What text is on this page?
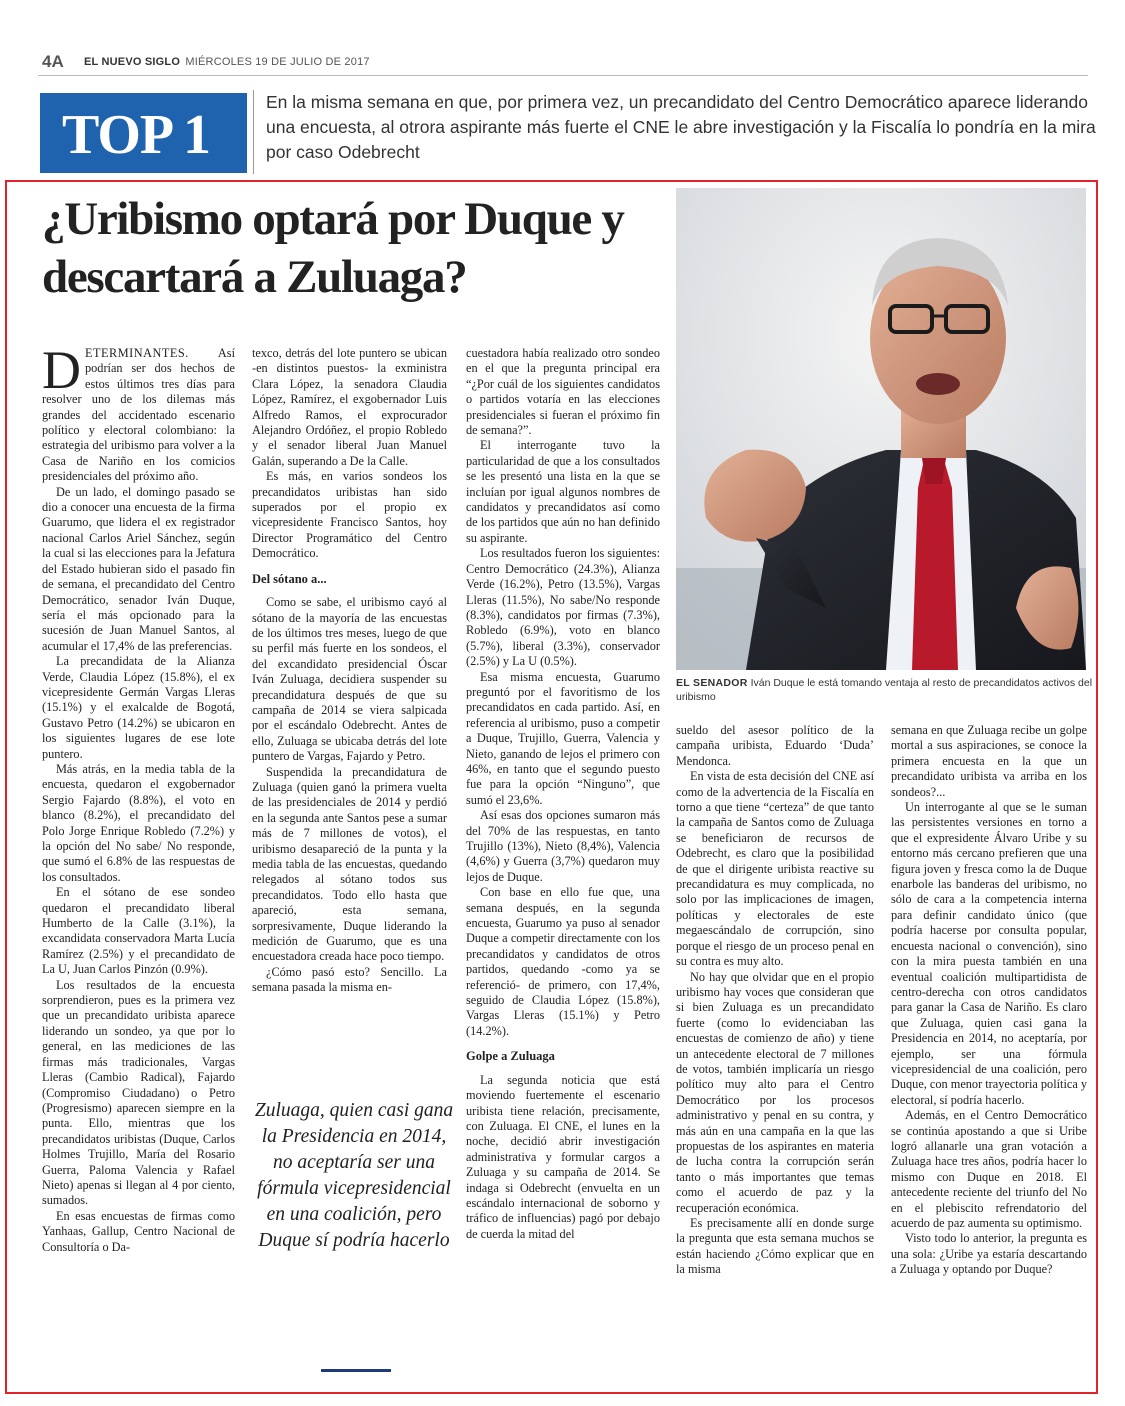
4A EL NUEVO SIGLO MIÉRCOLES 19 DE JULIO DE 2017
TOP 1
En la misma semana en que, por primera vez, un precandidato del Centro Democrático aparece liderando una encuesta, al otrora aspirante más fuerte el CNE le abre investigación y la Fiscalía lo pondría en la mira por caso Odebrecht
¿Uribismo optará por Duque y descartará a Zuluaga?
EL SENADOR Iván Duque le está tomando ventaja al resto de precandidatos activos del uribismo

DETERMINANTES. Así podrían ser dos hechos de estos últimos tres días para resolver uno de los dilemas más grandes del accidentado escenario político y electoral colombiano: la estrategia del uribismo para volver a la Casa de Nariño en los comicios presidenciales del próximo año.

De un lado, el domingo pasado se dio a conocer una encuesta de la firma Guarumo, que lidera el ex registrador nacional Carlos Ariel Sánchez, según la cual si las elecciones para la Jefatura del Estado hubieran sido el pasado fin de semana, el precandidato del Centro Democrático, senador Iván Duque, sería el más opcionado para la sucesión de Juan Manuel Santos, al acumular el 17,4% de las preferencias.

La precandidata de la Alianza Verde, Claudia López (15.8%), el ex vicepresidente Germán Vargas Lleras (15.1%) y el exalcalde de Bogotá, Gustavo Petro (14.2%) se ubicaron en los siguientes lugares de ese lote puntero.

Más atrás, en la media tabla de la encuesta, quedaron el exgobernador Sergio Fajardo (8.8%), el voto en blanco (8.2%), el precandidato del Polo Jorge Enrique Robledo (7.2%) y la opción del No sabe/ No responde, que sumó el 6.8% de las respuestas de los consultados.

En el sótano de ese sondeo quedaron el precandidato liberal Humberto de la Calle (3.1%), la excandidata conservadora Marta Lucía Ramírez (2.5%) y el precandidato de La U, Juan Carlos Pinzón (0.9%).

Los resultados de la encuesta sorprendieron, pues es la primera vez que un precandidato uribista aparece liderando un sondeo, ya que por lo general, en las mediciones de las firmas más tradicionales, Vargas Lleras (Cambio Radical), Fajardo (Compromiso Ciudadano) o Petro (Progresismo) aparecen siempre en la punta. Ello, mientras que los precandidatos uribistas (Duque, Carlos Holmes Trujillo, María del Rosario Guerra, Paloma Valencia y Rafael Nieto) apenas si llegan al 4 por ciento, sumados.

En esas encuestas de firmas como Yanhaas, Gallup, Centro Nacional de Consultoría o Da-

texco, detrás del lote puntero se ubican -en distintos puestos- la exministra Clara López, la senadora Claudia López, Ramírez, el exgobernador Luis Alfredo Ramos, el exprocurador Alejandro Ordóñez, el propio Robledo y el senador liberal Juan Manuel Galán, superando a De la Calle.

Es más, en varios sondeos los precandidatos uribistas han sido superados por el propio ex vicepresidente Francisco Santos, hoy Director Programático del Centro Democrático.

Del sótano a...

Como se sabe, el uribismo cayó al sótano de la mayoría de las encuestas de los últimos tres meses, luego de que su perfil más fuerte en los sondeos, el del excandidato presidencial Óscar Iván Zuluaga, decidiera suspender su precandidatura después de que su campaña de 2014 se viera salpicada por el escándalo Odebrecht. Antes de ello, Zuluaga se ubicaba detrás del lote puntero de Vargas, Fajardo y Petro.

Suspendida la precandidatura de Zuluaga (quien ganó la primera vuelta de las presidenciales de 2014 y perdió en la segunda ante Santos pese a sumar más de 7 millones de votos), el uribismo desapareció de la punta y la media tabla de las encuestas, quedando relegados al sótano todos sus precandidatos. Todo ello hasta que apareció, esta semana, sorpresivamente, Duque liderando la medición de Guarumo, que es una encuestadora creada hace poco tiempo.

¿Cómo pasó esto? Sencillo. La semana pasada la misma en-

Zuluaga, quien casi gana la Presidencia en 2014, no aceptaría ser una fórmula vicepresidencial en una coalición, pero Duque sí podría hacerlo

cuestadora había realizado otro sondeo en el que la pregunta principal era “¿Por cuál de los siguientes candidatos o partidos votaría en las elecciones presidenciales si fueran el próximo fin de semana?”.

El interrogante tuvo la particularidad de que a los consultados se les presentó una lista en la que se incluían por igual algunos nombres de candidatos y precandidatos así como de los partidos que aún no han definido su aspirante.

Los resultados fueron los siguientes: Centro Democrático (24.3%), Alianza Verde (16.2%), Petro (13.5%), Vargas Lleras (11.5%), No sabe/No responde (8.3%), candidatos por firmas (7.3%), Robledo (6.9%), voto en blanco (5.7%), liberal (3.3%), conservador (2.5%) y La U (0.5%).

Esa misma encuesta, Guarumo preguntó por el favoritismo de los precandidatos en cada partido. Así, en referencia al uribismo, puso a competir a Duque, Trujillo, Guerra, Valencia y Nieto, ganando de lejos el primero con 46%, en tanto que el segundo puesto fue para la opción “Ninguno”, que sumó el 23,6%.

Así esas dos opciones sumaron más del 70% de las respuestas, en tanto Trujillo (13%), Nieto (8,4%), Valencia (4,6%) y Guerra (3,7%) quedaron muy lejos de Duque.

Con base en ello fue que, una semana después, en la segunda encuesta, Guarumo ya puso al senador Duque a competir directamente con los precandidatos y candidatos de otros partidos, quedando -como ya se referenció- de primero, con 17,4%, seguido de Claudia López (15.8%), Vargas Lleras (15.1%) y Petro (14.2%).

Golpe a Zuluaga

La segunda noticia que está moviendo fuertemente el escenario uribista tiene relación, precisamente, con Zuluaga. El CNE, el lunes en la noche, decidió abrir investigación administrativa y formular cargos a Zuluaga y su campaña de 2014. Se indaga si Odebrecht (envuelta en un escándalo internacional de soborno y tráfico de influencias) pagó por debajo de cuerda la mitad del

sueldo del asesor político de la campaña uribista, Eduardo ‘Duda’ Mendonca.

En vista de esta decisión del CNE así como de la advertencia de la Fiscalía en torno a que tiene “certeza” de que tanto la campaña de Santos como de Zuluaga se beneficiaron de recursos de Odebrecht, es claro que la posibilidad de que el dirigente uribista reactive su precandidatura es muy complicada, no solo por las implicaciones de imagen, políticas y electorales de este megaescándalo de corrupción, sino porque el riesgo de un proceso penal en su contra es muy alto.

No hay que olvidar que en el propio uribismo hay voces que consideran que si bien Zuluaga es un precandidato fuerte (como lo evidenciaban las encuestas de comienzo de año) y tiene un antecedente electoral de 7 millones de votos, también implicaría un riesgo político muy alto para el Centro Democrático por los procesos administrativo y penal en su contra, y más aún en una campaña en la que las propuestas de los aspirantes en materia de lucha contra la corrupción serán tanto o más importantes que temas como el acuerdo de paz y la recuperación económica.

Es precisamente allí en donde surge la pregunta que esta semana muchos se están haciendo ¿Cómo explicar que en la misma

semana en que Zuluaga recibe un golpe mortal a sus aspiraciones, se conoce la primera encuesta en la que un precandidato uribista va arriba en los sondeos?...

Un interrogante al que se le suman las persistentes versiones en torno a que el expresidente Álvaro Uribe y su entorno más cercano prefieren que una figura joven y fresca como la de Duque enarbole las banderas del uribismo, no sólo de cara a la competencia interna para definir candidato único (que podría hacerse por consulta popular, encuesta nacional o convención), sino con la mira puesta también en una eventual coalición multipartidista de centro-derecha con otros candidatos para ganar la Casa de Nariño. Es claro que Zuluaga, quien casi gana la Presidencia en 2014, no aceptaría, por ejemplo, ser una fórmula vicepresidencial de una coalición, pero Duque, con menor trayectoria política y electoral, sí podría hacerlo.

Además, en el Centro Democrático se continúa apostando a que si Uribe logró allanarle una gran votación a Zuluaga hace tres años, podría hacer lo mismo con Duque en 2018. El antecedente reciente del triunfo del No en el plebiscito refrendatorio del acuerdo de paz aumenta su optimismo.

Visto todo lo anterior, la pregunta es una sola: ¿Uribe ya estaría descartando a Zuluaga y optando por Duque?
